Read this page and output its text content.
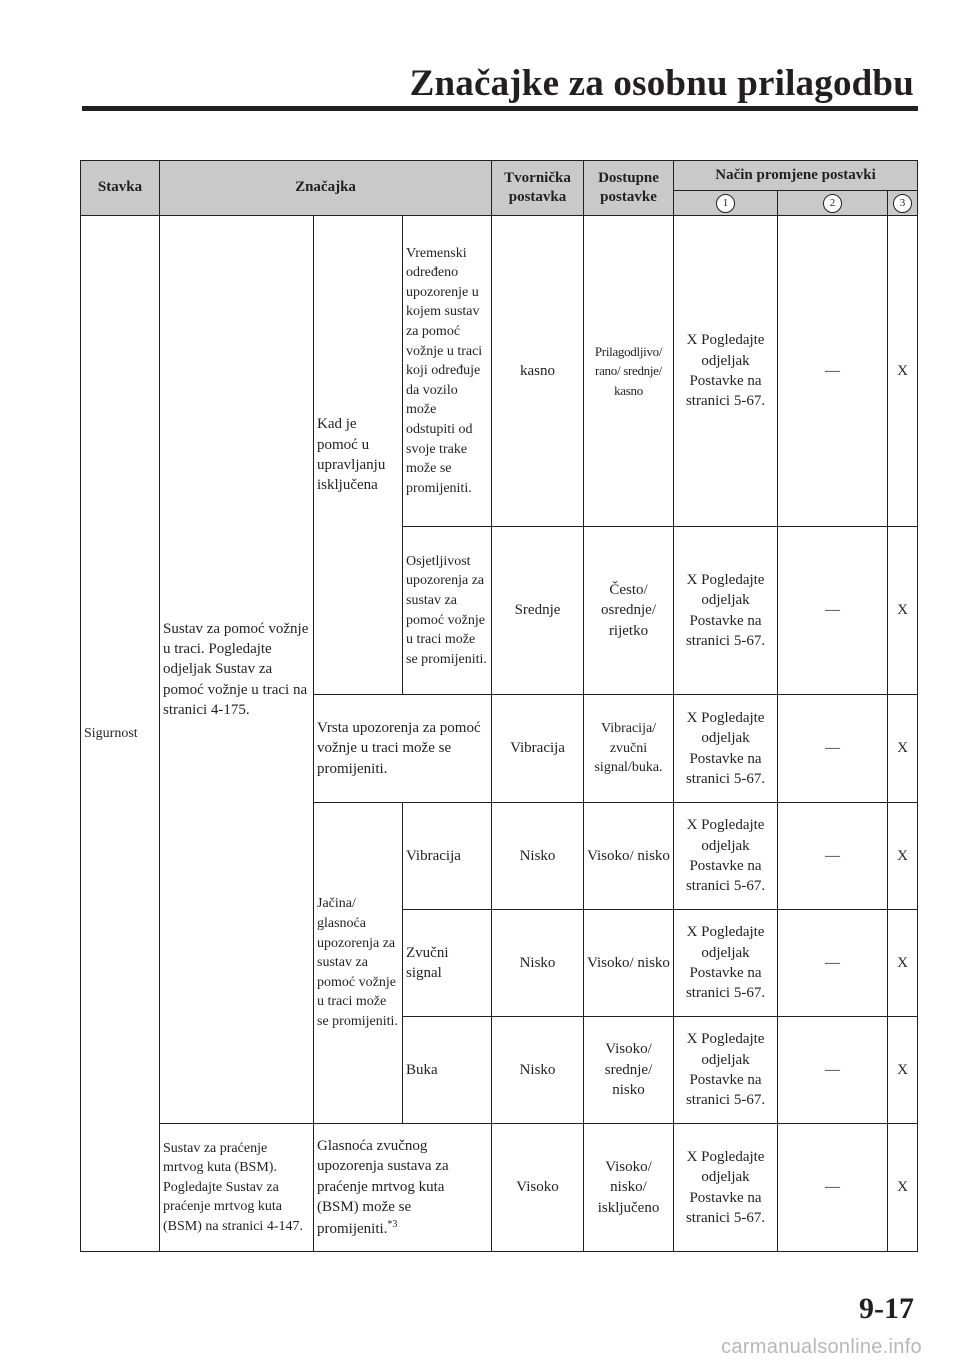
Značajke za osobnu prilagodbu
Stavka	Značajka			Tvornička postavka	Dostupne postavke	Način promjene postavki		
						1	2	3
Sigurnost	Sustav za pomoć vožnje u traci. Pogledajte odjeljak Sustav za pomoć vožnje u traci na stranici 4-175.	Kad je pomoć u upravljanju isključena	Vremenski određeno upozorenje u kojem sustav za pomoć vožnje u traci koji određuje da vozilo može odstupiti od svoje trake može se promijeniti.	kasno	Prilagodljivo/ rano/ srednje/ kasno	X Pogledajte odjeljak Postavke na stranici 5-67.	—	X
			Osjetljivost upozorenja za sustav za pomoć vožnje u traci može se promijeniti.	Srednje	Često/ osrednje/ rijetko	X Pogledajte odjeljak Postavke na stranici 5-67.	—	X
		Vrsta upozorenja za pomoć vožnje u traci može se promijeniti.		Vibracija	Vibracija/ zvučni signal/buka.	X Pogledajte odjeljak Postavke na stranici 5-67.	—	X
		Jačina/ glasnoća upozorenja za sustav za pomoć vožnje u traci može se promijeniti.	Vibracija	Nisko	Visoko/ nisko	X Pogledajte odjeljak Postavke na stranici 5-67.	—	X
			Zvučni signal	Nisko	Visoko/ nisko	X Pogledajte odjeljak Postavke na stranici 5-67.	—	X
			Buka	Nisko	Visoko/ srednje/ nisko	X Pogledajte odjeljak Postavke na stranici 5-67.	—	X
	Sustav za praćenje mrtvog kuta (BSM). Pogledajte Sustav za praćenje mrtvog kuta (BSM) na stranici 4-147.	Glasnoća zvučnog upozorenja sustava za praćenje mrtvog kuta (BSM) može se promijeniti.$^{*3}$		Visoko	Visoko/ nisko/ isključeno	X Pogledajte odjeljak Postavke na stranici 5-67.	—	X
9-17
carmanualsonline.info
